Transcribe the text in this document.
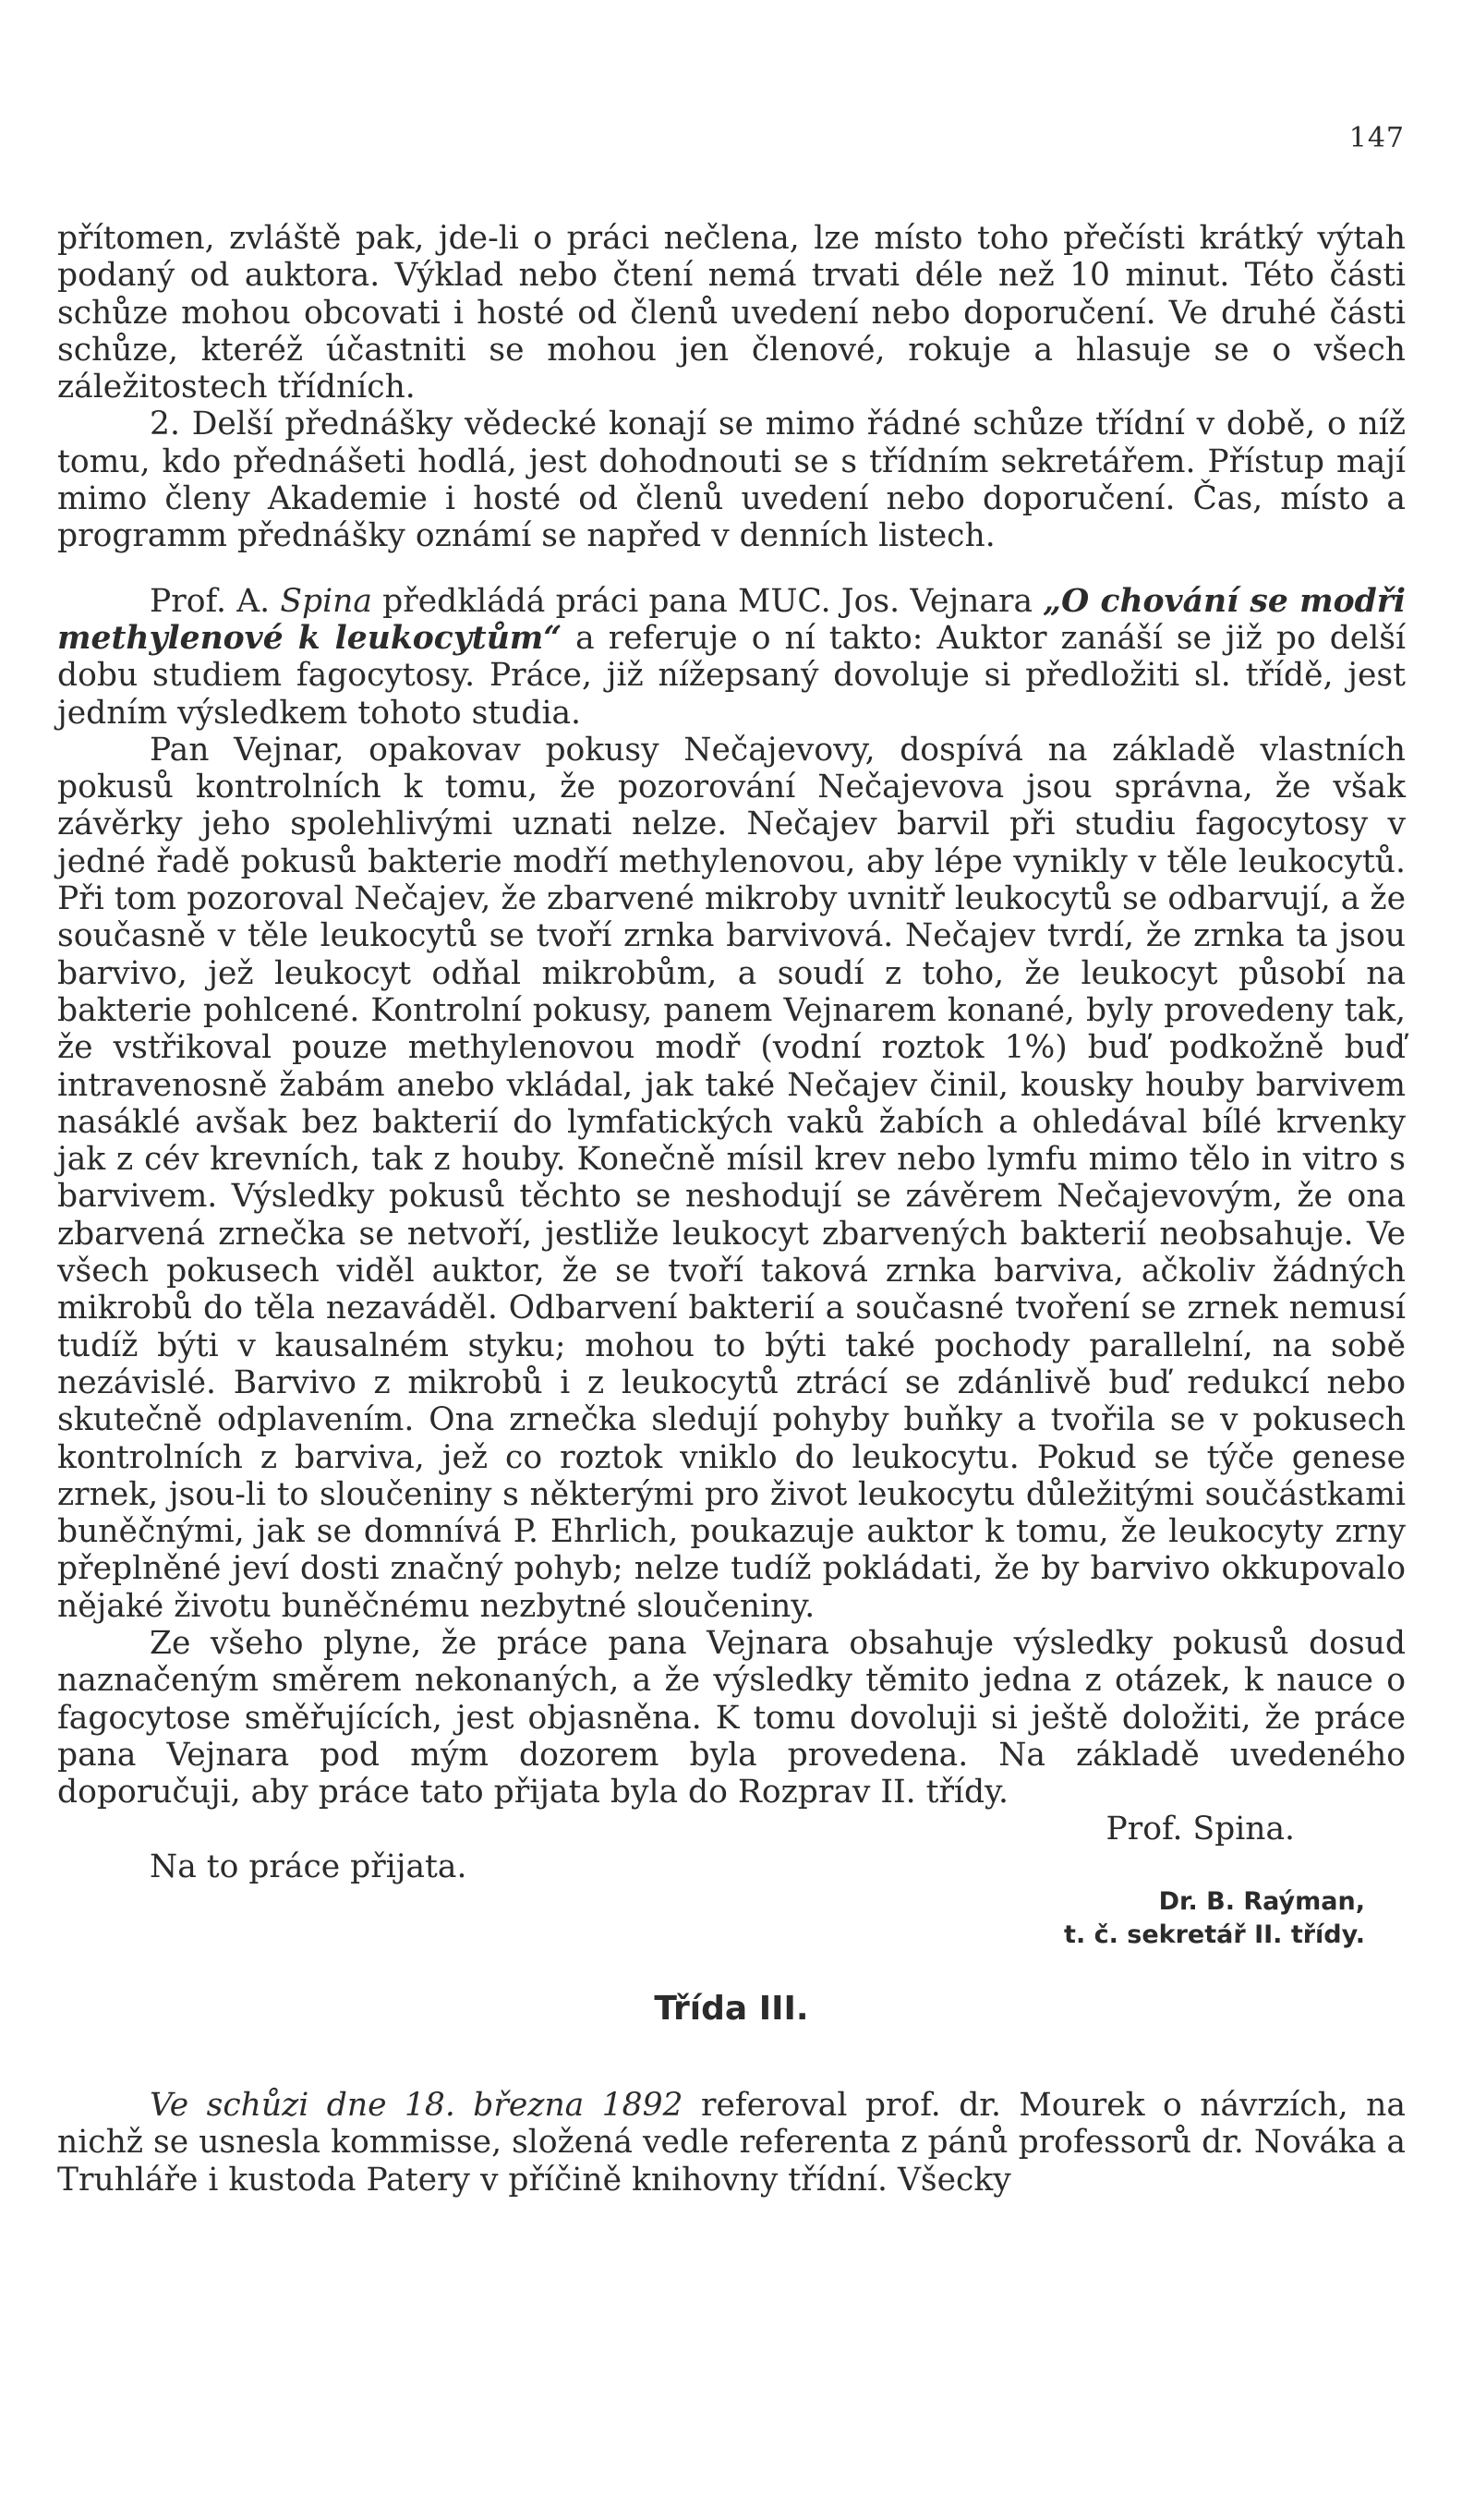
147

přítomen, zvláště pak, jde-li o práci nečlena, lze místo toho přečísti krátký výtah podaný od auktora. Výklad nebo čtení nemá trvati déle než 10 minut. Této části schůze mohou obcovati i hosté od členů uvedení nebo doporučení. Ve druhé části schůze, kteréž účastniti se mohou jen členové, rokuje a hlasuje se o všech záležitostech třídních.

2. Delší přednášky vědecké konají se mimo řádné schůze třídní v době, o níž tomu, kdo přednášeti hodlá, jest dohodnouti se s třídním sekretářem. Přístup mají mimo členy Akademie i hosté od členů uvedení nebo doporučení. Čas, místo a programm přednášky oznámí se napřed v denních listech.

Prof. A. Spina předkládá práci pana MUC. Jos. Vejnara „O chování se modři methylenové k leukocytům“ a referuje o ní takto: Auktor zanáší se již po delší dobu studiem fagocytosy. Práce, již nížepsaný dovoluje si předložiti sl. třídě, jest jedním výsledkem tohoto studia.

Pan Vejnar, opakovav pokusy Nečajevovy, dospívá na základě vlastních pokusů kontrolních k tomu, že pozorování Nečajevova jsou správna, že však závěrky jeho spolehlivými uznati nelze. Nečajev barvil při studiu fagocytosy v jedné řadě pokusů bakterie modří methylenovou, aby lépe vynikly v těle leukocytů. Při tom pozoroval Nečajev, že zbarvené mikroby uvnitř leukocytů se odbarvují, a že současně v těle leukocytů se tvoří zrnka barvivová. Nečajev tvrdí, že zrnka ta jsou barvivo, jež leukocyt odňal mikrobům, a soudí z toho, že leukocyt působí na bakterie pohlcené. Kontrolní pokusy, panem Vejnarem konané, byly provedeny tak, že vstřikoval pouze methylenovou modř (vodní roztok 1%) buď podkožně buď intravenosně žabám anebo vkládal, jak také Nečajev činil, kousky houby barvivem nasáklé avšak bez bakterií do lymfatických vaků žabích a ohledával bílé krvenky jak z cév krevních, tak z houby. Konečně mísil krev nebo lymfu mimo tělo in vitro s barvivem. Výsledky pokusů těchto se neshodují se závěrem Nečajevovým, že ona zbarvená zrnečka se netvoří, jestliže leukocyt zbarvených bakterií neobsahuje. Ve všech pokusech viděl auktor, že se tvoří taková zrnka barviva, ačkoliv žádných mikrobů do těla nezaváděl. Odbarvení bakterií a současné tvoření se zrnek nemusí tudíž býti v kausalném styku; mohou to býti také pochody parallelní, na sobě nezávislé. Barvivo z mikrobů i z leukocytů ztrácí se zdánlivě buď redukcí nebo skutečně odplavením. Ona zrnečka sledují pohyby buňky a tvořila se v pokusech kontrolních z barviva, jež co roztok vniklo do leukocytu. Pokud se týče genese zrnek, jsou-li to sloučeniny s některými pro život leukocytu důležitými součástkami buněčnými, jak se domnívá P. Ehrlich, poukazuje auktor k tomu, že leukocyty zrny přeplněné jeví dosti značný pohyb; nelze tudíž pokládati, že by barvivo okkupovalo nějaké životu buněčnému nezbytné sloučeniny.

Ze všeho plyne, že práce pana Vejnara obsahuje výsledky pokusů dosud naznačeným směrem nekonaných, a že výsledky těmito jedna z otázek, k nauce o fagocytose směřujících, jest objasněna. K tomu dovoluji si ještě doložiti, že práce pana Vejnara pod mým dozorem byla provedena. Na základě uvedeného doporučuji, aby práce tato přijata byla do Rozprav II. třídy.

Prof. Spina.

Na to práce přijata.
Dr. B. Raýman,
t. č. sekretář II. třídy.
Třída III.

Ve schůzi dne 18. března 1892 referoval prof. dr. Mourek o návrzích, na nichž se usnesla kommisse, složená vedle referenta z pánů professorů dr. Nováka a Truhláře i kustoda Patery v příčině knihovny třídní. Všecky
